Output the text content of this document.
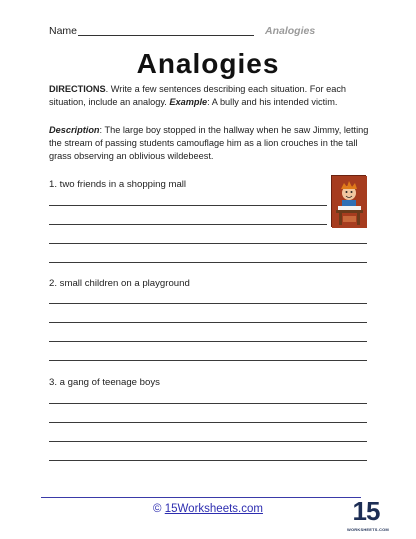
Name	Analogies
Analogies
DIRECTIONS. Write a few sentences describing each situation. For each situation, include an analogy. Example: A bully and his intended victim.
Description: The large boy stopped in the hallway when he saw Jimmy, letting the stream of passing students camouflage him as a lion crouches in the tall grass observing an oblivious wildebeest.
1. two friends in a shopping mall
2. small children on a playground
3. a gang of teenage boys
© 15Worksheets.com	15
WORKSHEETS.COM
